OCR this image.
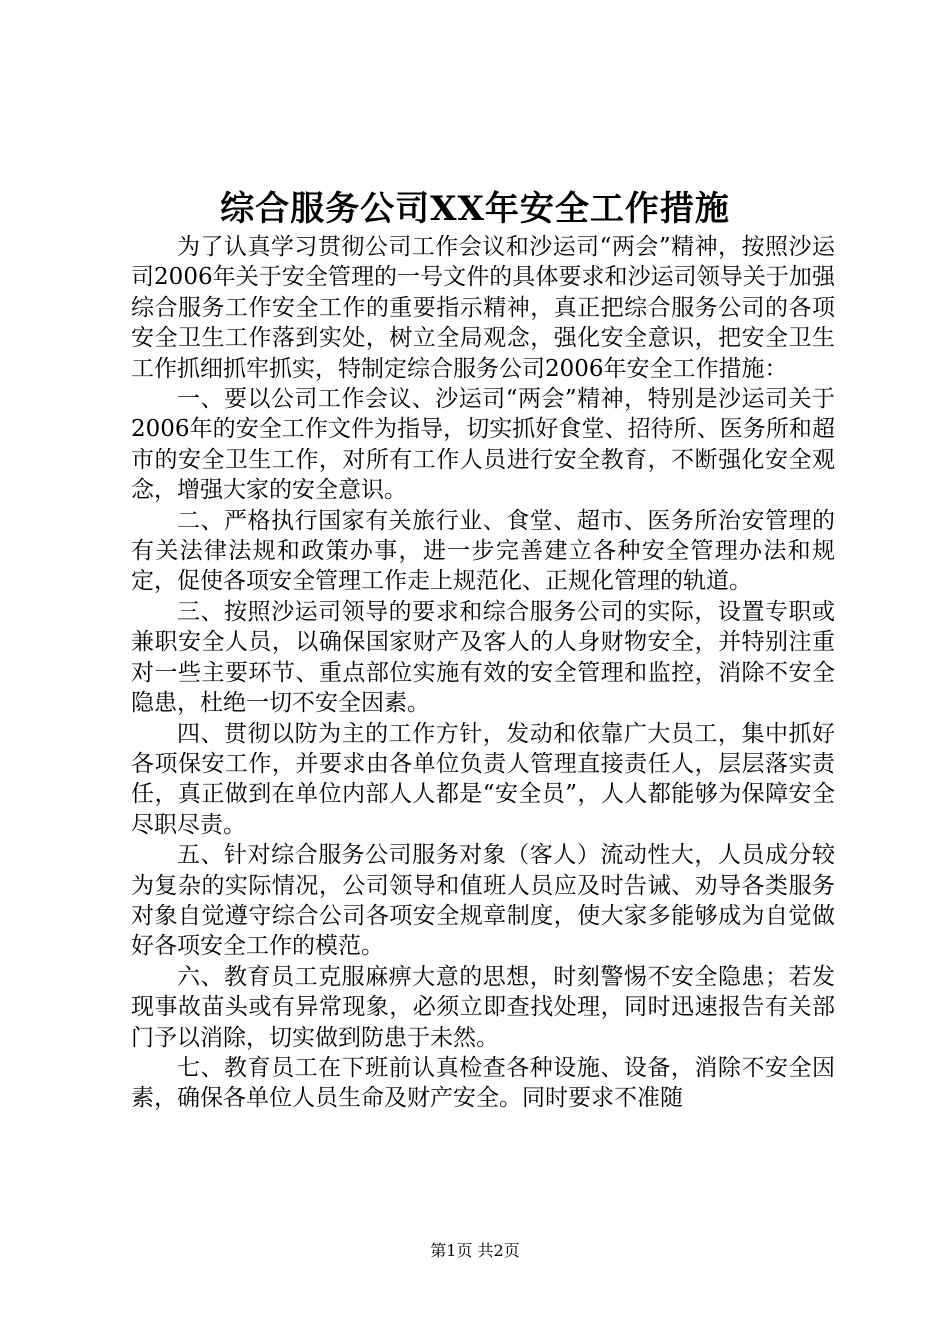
综合服务公司XX年安全工作措施

为了认真学习贯彻公司工作会议和沙运司“两会”精神，按照沙运司2006年关于安全管理的一号文件的具体要求和沙运司领导关于加强综合服务工作安全工作的重要指示精神，真正把综合服务公司的各项安全卫生工作落到实处，树立全局观念，强化安全意识，把安全卫生工作抓细抓牢抓实，特制定综合服务公司2006年安全工作措施：

一、要以公司工作会议、沙运司“两会”精神，特别是沙运司关于2006年的安全工作文件为指导，切实抓好食堂、招待所、医务所和超市的安全卫生工作，对所有工作人员进行安全教育，不断强化安全观念，增强大家的安全意识。

二、严格执行国家有关旅行业、食堂、超市、医务所治安管理的有关法律法规和政策办事，进一步完善建立各种安全管理办法和规定，促使各项安全管理工作走上规范化、正规化管理的轨道。

三、按照沙运司领导的要求和综合服务公司的实际，设置专职或兼职安全人员，以确保国家财产及客人的人身财物安全，并特别注重对一些主要环节、重点部位实施有效的安全管理和监控，消除不安全隐患，杜绝一切不安全因素。

四、贯彻以防为主的工作方针，发动和依靠广大员工，集中抓好各项保安工作，并要求由各单位负责人管理直接责任人，层层落实责任，真正做到在单位内部人人都是“安全员”，人人都能够为保障安全尽职尽责。

五、针对综合服务公司服务对象（客人）流动性大，人员成分较为复杂的实际情况，公司领导和值班人员应及时告诫、劝导各类服务对象自觉遵守综合公司各项安全规章制度，使大家多能够成为自觉做好各项安全工作的模范。

六、教育员工克服麻痹大意的思想，时刻警惕不安全隐患；若发现事故苗头或有异常现象，必须立即查找处理，同时迅速报告有关部门予以消除，切实做到防患于未然。

七、教育员工在下班前认真检查各种设施、设备，消除不安全因素，确保各单位人员生命及财产安全。同时要求不准随

第1页 共2页
